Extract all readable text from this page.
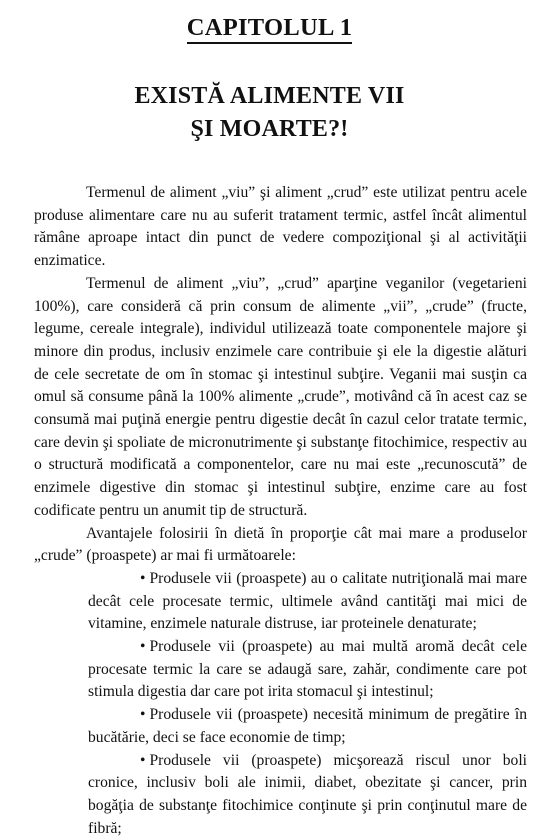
CAPITOLUL 1
EXISTĂ ALIMENTE VII
ŞI MOARTE?!

Termenul de aliment „viu” şi aliment „crud” este utilizat pentru acele produse alimentare care nu au suferit tratament termic, astfel încât alimentul rămâne aproape intact din punct de vedere compoziţional şi al activităţii enzimatice.

Termenul de aliment „viu”, „crud” aparţine veganilor (vegetarieni 100%), care consideră că prin consum de alimente „vii”, „crude” (fructe, legume, cereale integrale), individul utilizează toate componentele majore şi minore din produs, inclusiv enzimele care contribuie şi ele la digestie alături de cele secretate de om în stomac şi intestinul subţire. Veganii mai susţin ca omul să consume până la 100% alimente „crude”, motivând că în acest caz se consumă mai puţină energie pentru digestie decât în cazul celor tratate termic, care devin şi spoliate de micronutrimente şi substanţe fitochimice, respectiv au o structură modificată a componentelor, care nu mai este „recunoscută” de enzimele digestive din stomac şi intestinul subţire, enzime care au fost codificate pentru un anumit tip de structură.

Avantajele folosirii în dietă în proporţie cât mai mare a produselor „crude” (proaspete) ar mai fi următoarele:

• Produsele vii (proaspete) au o calitate nutriţională mai mare decât cele procesate termic, ultimele având cantităţi mai mici de vitamine, enzimele naturale distruse, iar proteinele denaturate;

• Produsele vii (proaspete) au mai multă aromă decât cele procesate termic la care se adaugă sare, zahăr, condimente care pot stimula digestia dar care pot irita stomacul şi intestinul;

• Produsele vii (proaspete) necesită minimum de pregătire în bucătărie, deci se face economie de timp;

• Produsele vii (proaspete) micşorează riscul unor boli cronice, inclusiv boli ale inimii, diabet, obezitate şi cancer, prin bogăţia de substanţe fitochimice conţinute şi prin conţinutul mare de fibră;
